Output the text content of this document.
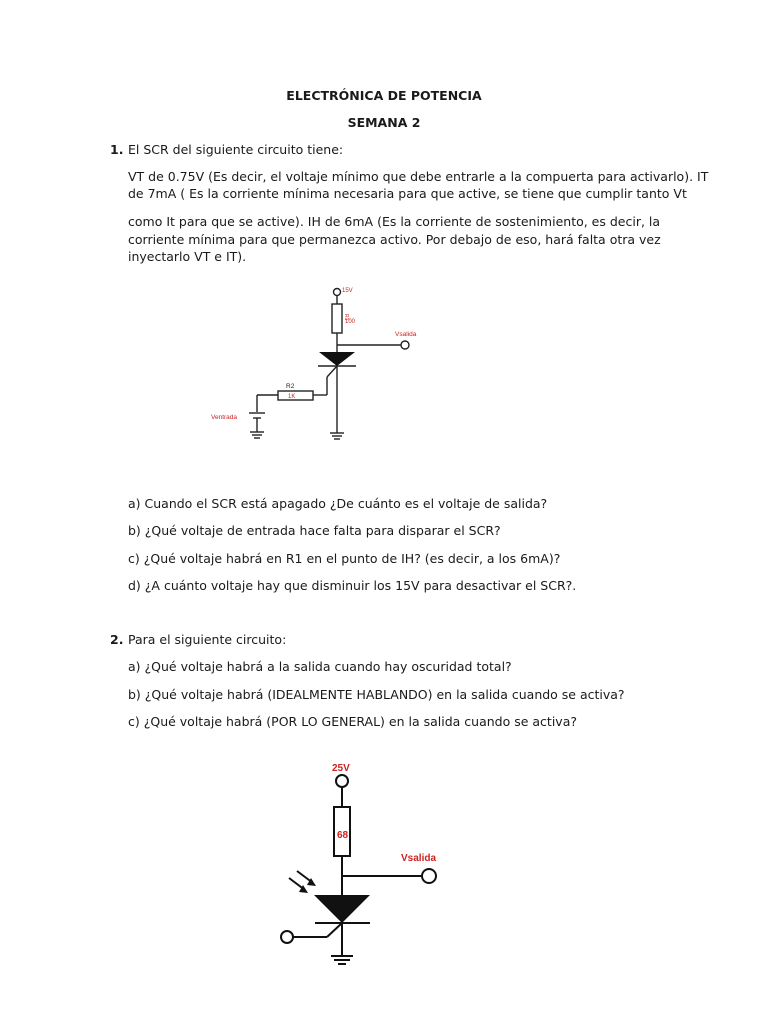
ELECTRÓNICA DE POTENCIA
SEMANA 2
1. El SCR del siguiente circuito tiene:
VT de 0.75V (Es decir, el voltaje mínimo que debe entrarle a la compuerta para activarlo). IT
de 7mA ( Es la corriente mínima necesaria para que active, se tiene que cumplir tanto Vt
como It para que se active). IH de 6mA (Es la corriente de sostenimiento, es decir, la
corriente mínima para que permanezca activo. Por debajo de eso, hará falta otra vez
inyectarlo VT e IT).
15V
R1
100
Vsalida
R2
1K
Ventrada
a) Cuando el SCR está apagado ¿De cuánto es el voltaje de salida?
b) ¿Qué voltaje de entrada hace falta para disparar el SCR?
c) ¿Qué voltaje habrá en R1 en el punto de IH? (es decir, a los 6mA)?
d) ¿A cuánto voltaje hay que disminuir los 15V para desactivar el SCR?.
2. Para el siguiente circuito:
a) ¿Qué voltaje habrá a la salida cuando hay oscuridad total?
b) ¿Qué voltaje habrá (IDEALMENTE HABLANDO) en la salida cuando se activa?
c) ¿Qué voltaje habrá (POR LO GENERAL) en la salida cuando se activa?
25V
68
Vsalida
